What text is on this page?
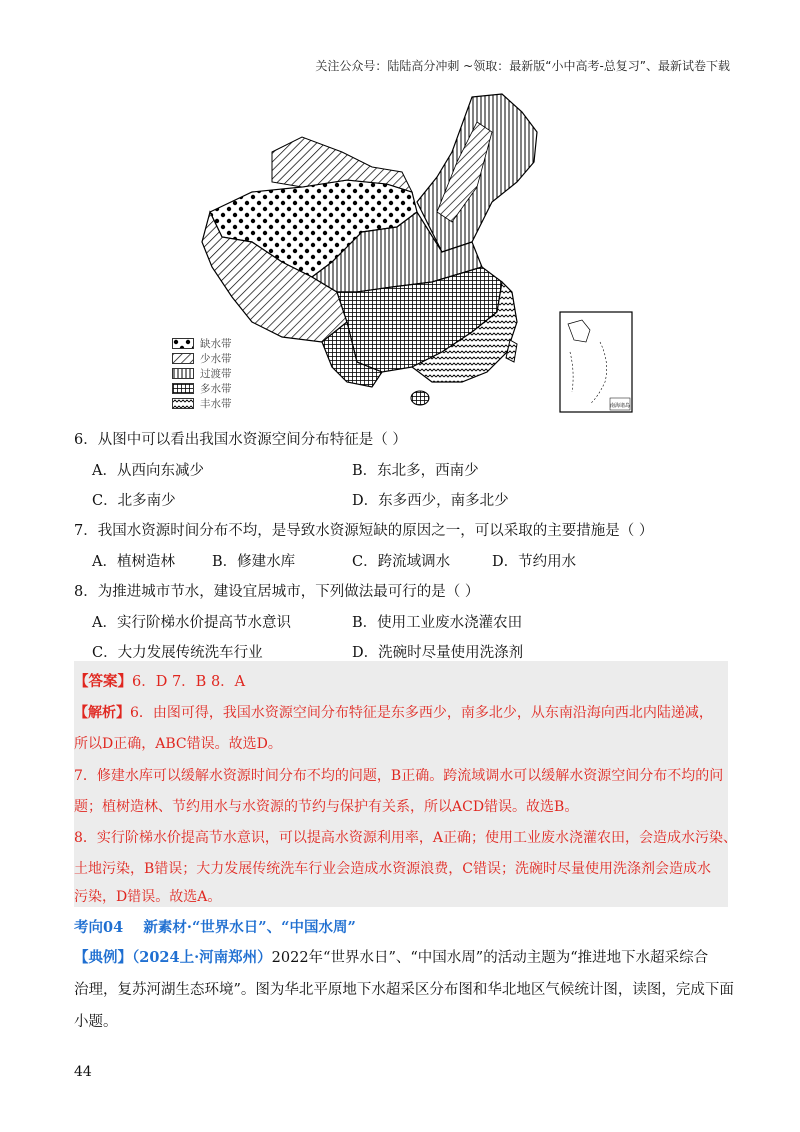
关注公众号：陆陆高分冲刺 ~领取：最新版“小中高考-总复习”、最新试卷下载
南海诸岛
缺水带
少水带
过渡带
多水带
丰水带
6．从图中可以看出我国水资源空间分布特征是（ ）
A．从西向东减少	B．东北多，西南少
C．北多南少	D．东多西少，南多北少
7．我国水资源时间分布不均，是导致水资源短缺的原因之一，可以采取的主要措施是（ ）
A．植树造林	B．修建水库	C．跨流域调水	D．节约用水
8．为推进城市节水，建设宜居城市，下列做法最可行的是（ ）
A．实行阶梯水价提高节水意识	B．使用工业废水浇灌农田
C．大力发展传统洗车行业	D．洗碗时尽量使用洗涤剂
【答案】6．D 7．B 8．A
【解析】6．由图可得，我国水资源空间分布特征是东多西少，南多北少，从东南沿海向西北内陆递减，
所以D正确，ABC错误。故选D。
7．修建水库可以缓解水资源时间分布不均的问题，B正确。跨流域调水可以缓解水资源空间分布不均的问
题；植树造林、节约用水与水资源的节约与保护有关系，所以ACD错误。故选B。
8．实行阶梯水价提高节水意识，可以提高水资源利用率，A正确；使用工业废水浇灌农田，会造成水污染、
土地污染，B错误；大力发展传统洗车行业会造成水资源浪费，C错误；洗碗时尽量使用洗涤剂会造成水
污染，D错误。故选A。
考向04 新素材·“世界水日”、“中国水周”
【典例】（2024上·河南郑州）2022年“世界水日”、“中国水周”的活动主题为“推进地下水超采综合
治理，复苏河湖生态环境”。图为华北平原地下水超采区分布图和华北地区气候统计图，读图，完成下面
小题。
44
